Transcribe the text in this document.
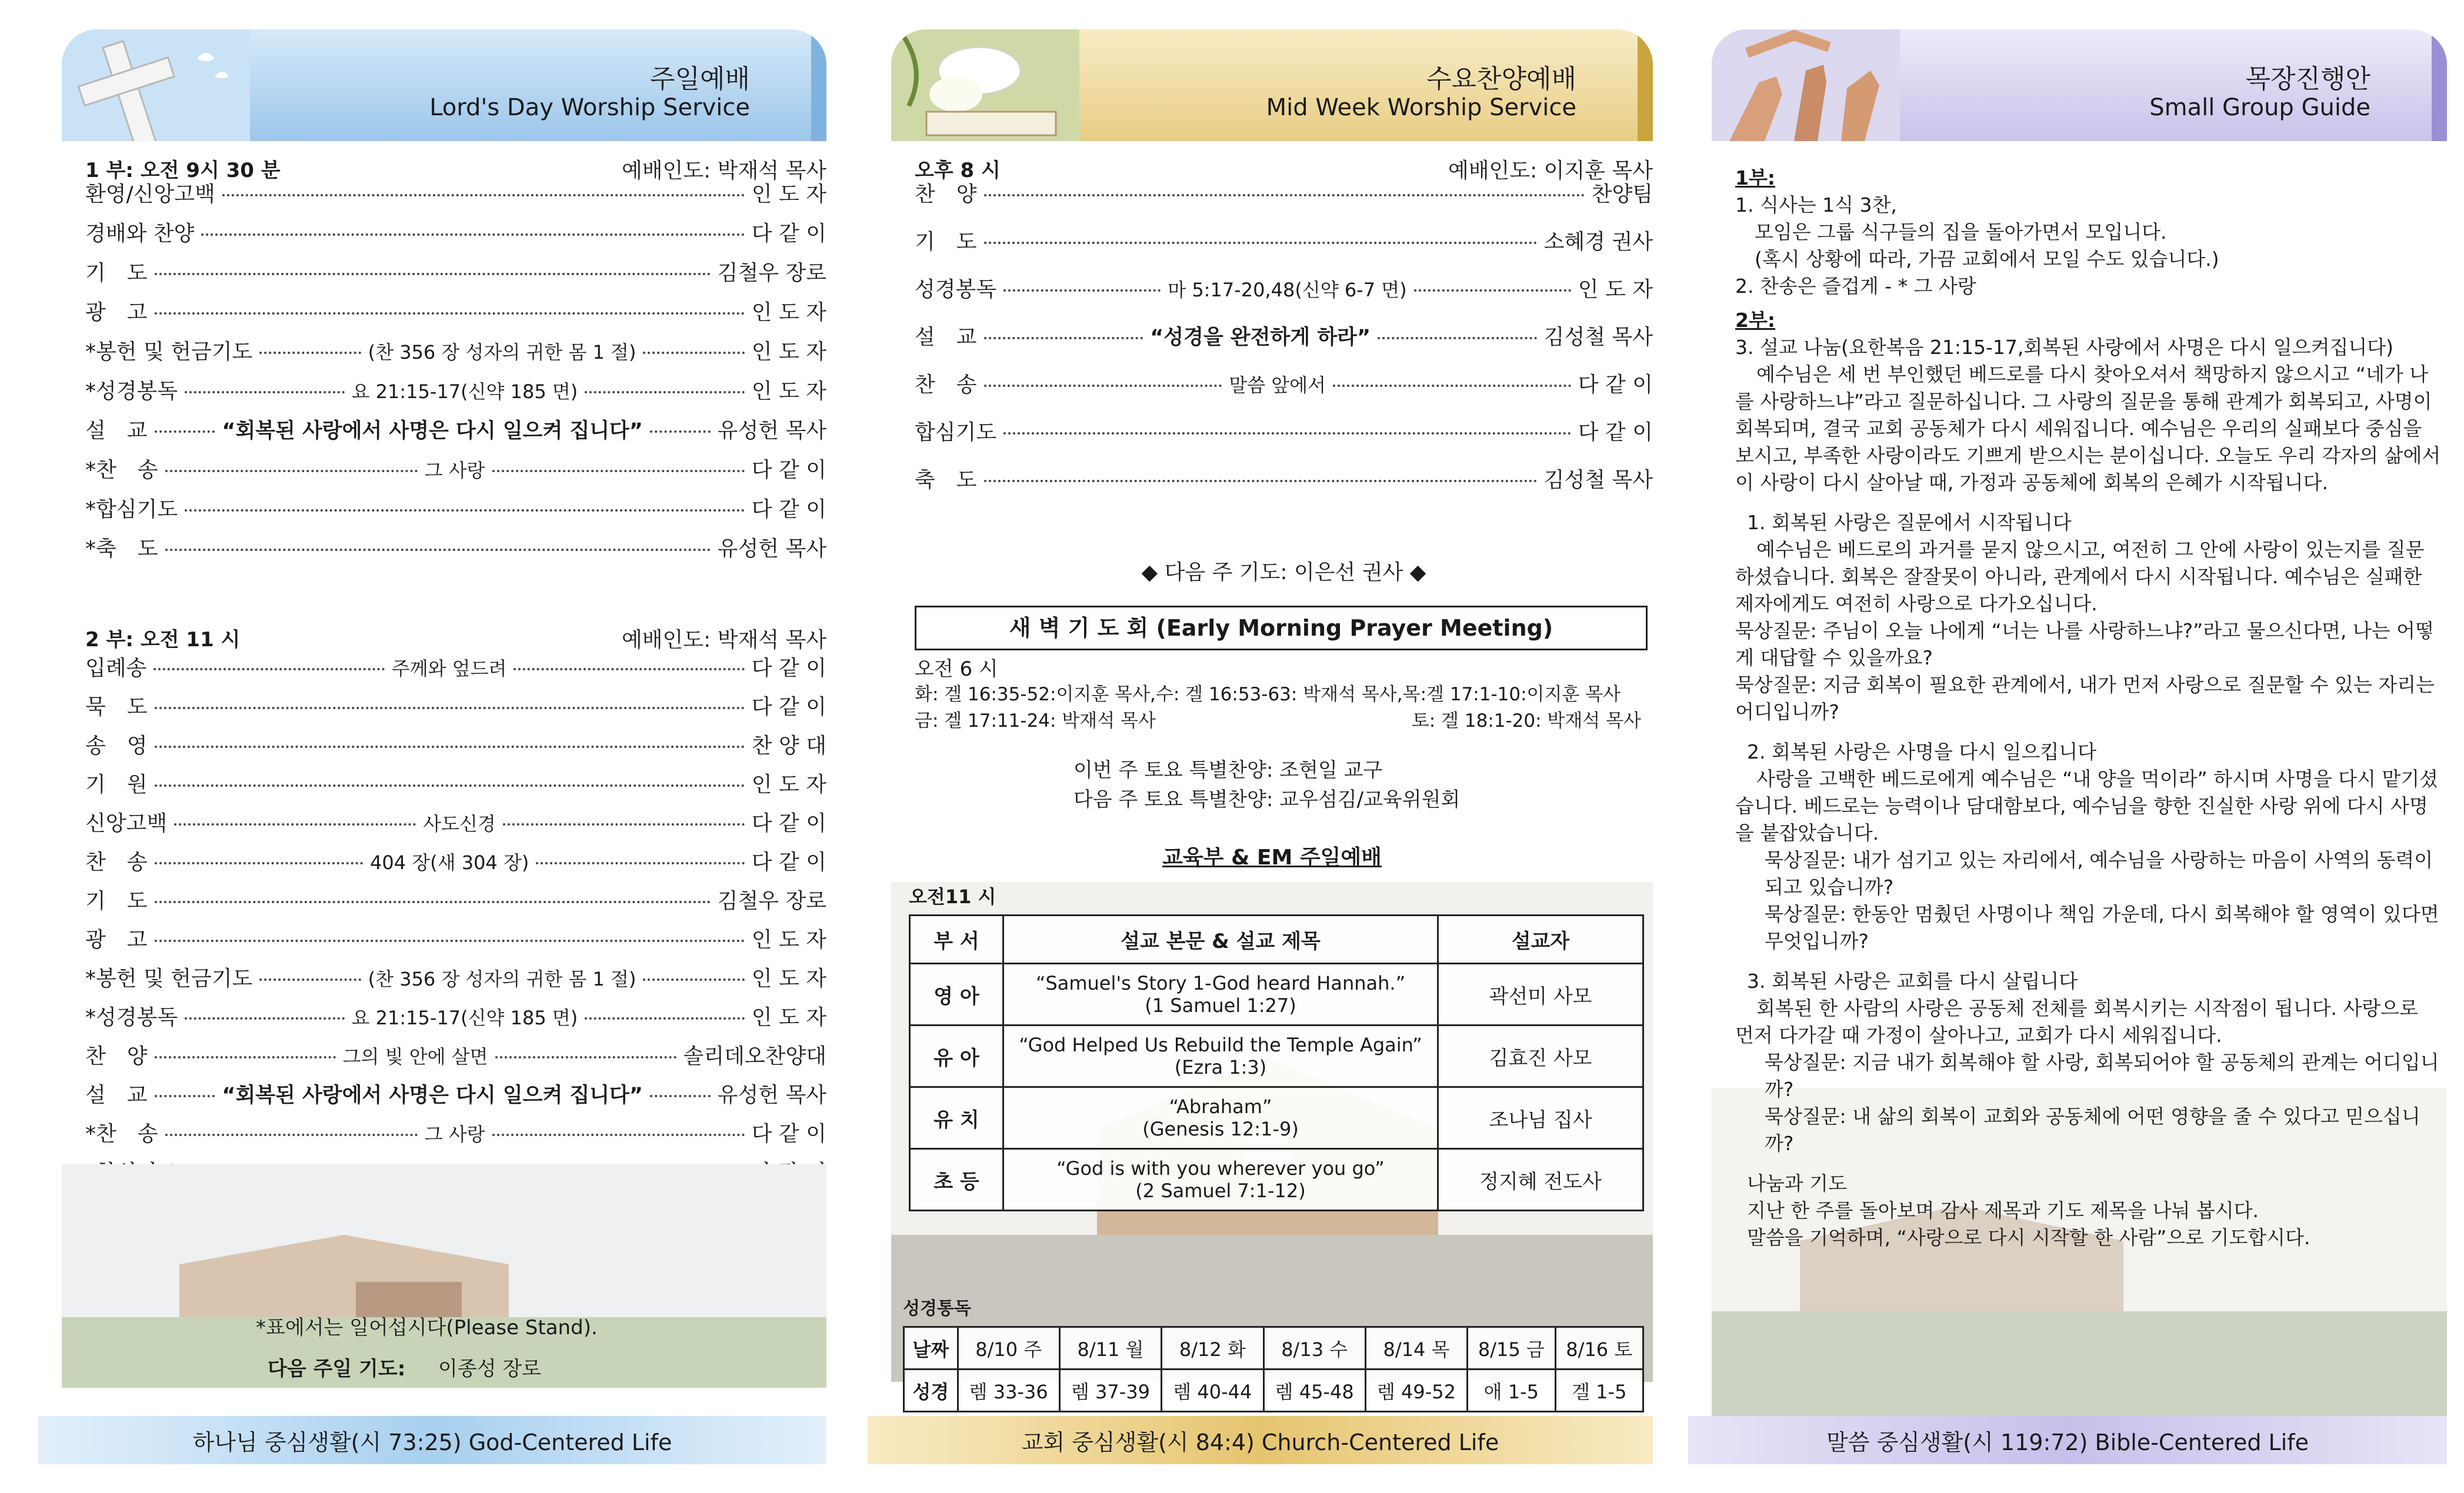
주일예배
Lord's Day Worship Service
1 부: 오전 9시 30 분	예배인도: 박재석 목사
환영/신앙고백	인 도 자
경배와 찬양	다 같 이
기　도	김철우 장로
광　고	인 도 자
*봉헌 및 헌금기도	(찬 356 장 성자의 귀한 몸 1 절)	인 도 자
*성경봉독	요 21:15-17(신약 185 면)	인 도 자
설　교	“회복된 사랑에서 사명은 다시 일으켜 집니다”	유성헌 목사
*찬　송	그 사랑	다 같 이
*합심기도	다 같 이
*축　도	유성헌 목사
2 부: 오전 11 시	예배인도: 박재석 목사
입례송	주께와 엎드려	다 같 이
묵　도	다 같 이
송　영	찬 양 대
기　원	인 도 자
신앙고백	사도신경	다 같 이
찬　송	404 장(새 304 장)	다 같 이
기　도	김철우 장로
광　고	인 도 자
*봉헌 및 헌금기도	(찬 356 장 성자의 귀한 몸 1 절)	인 도 자
*성경봉독	요 21:15-17(신약 185 면)	인 도 자
찬　양	그의 빛 안에 살면	솔리데오찬양대
설　교	“회복된 사랑에서 사명은 다시 일으켜 집니다”	유성헌 목사
*찬　송	그 사랑	다 같 이
*표에서는 일어섭시다(Please Stand).
다음 주일 기도: 이종성 장로
하나님 중심생활(시 73:25) God-Centered Life
수요찬양예배
Mid Week Worship Service
오후 8 시	예배인도: 이지훈 목사
찬　양	찬양팀
기　도	소혜경 권사
성경봉독	마 5:17-20,48(신약 6-7 면)	인 도 자
설　교	“성경을 완전하게 하라”	김성철 목사
찬　송	말씀 앞에서	다 같 이
합심기도	다 같 이
축　도	김성철 목사
◆ 다음 주 기도: 이은선 권사 ◆
새 벽 기 도 회 (Early Morning Prayer Meeting)
오전 6 시
화: 겔 16:35-52:이지훈 목사,수: 겔 16:53-63: 박재석 목사,목:겔 17:1-10:이지훈 목사
금: 겔 17:11-24: 박재석 목사	토: 겔 18:1-20: 박재석 목사
이번 주 토요 특별찬양: 조현일 교구
다음 주 토요 특별찬양: 교우섬김/교육위원회
교육부 & EM 주일예배
오전11 시
부 서	설교 본문 & 설교 제목	설교자
영 아	“Samuel's Story 1-God heard Hannah.”
(1 Samuel 1:27)	곽선미 사모
유 아	“God Helped Us Rebuild the Temple Again”
(Ezra 1:3)	김효진 사모
유 치	“Abraham”
(Genesis 12:1-9)	조나님 집사
초 등	“God is with you wherever you go”
(2 Samuel 7:1-12)	정지혜 전도사
성경통독
날짜	8/10 주	8/11 월	8/12 화	8/13 수	8/14 목	8/15 금	8/16 토
성경	렘 33-36	렘 37-39	렘 40-44	렘 45-48	렘 49-52	애 1-5	겔 1-5
교회 중심생활(시 84:4) Church-Centered Life
목장진행안
Small Group Guide

1부:

1. 식사는 1식 3찬,

　모임은 그룹 식구들의 집을 돌아가면서 모입니다.

　(혹시 상황에 따라, 가끔 교회에서 모일 수도 있습니다.)

2. 찬송은 즐겁게 - * 그 사랑

2부:

3. 설교 나눔(요한복음 21:15-17,회복된 사랑에서 사명은 다시 일으켜집니다)

예수님은 세 번 부인했던 베드로를 다시 찾아오셔서 책망하지 않으시고 “네가 나를 사랑하느냐”라고 질문하십니다. 그 사랑의 질문을 통해 관계가 회복되고, 사명이 회복되며, 결국 교회 공동체가 다시 세워집니다. 예수님은 우리의 실패보다 중심을 보시고, 부족한 사랑이라도 기쁘게 받으시는 분이십니다. 오늘도 우리 각자의 삶에서 이 사랑이 다시 살아날 때, 가정과 공동체에 회복의 은혜가 시작됩니다.

1. 회복된 사랑은 질문에서 시작됩니다

예수님은 베드로의 과거를 묻지 않으시고, 여전히 그 안에 사랑이 있는지를 질문하셨습니다. 회복은 잘잘못이 아니라, 관계에서 다시 시작됩니다. 예수님은 실패한 제자에게도 여전히 사랑으로 다가오십니다.

묵상질문: 주님이 오늘 나에게 “너는 나를 사랑하느냐?”라고 물으신다면, 나는 어떻게 대답할 수 있을까요?

묵상질문: 지금 회복이 필요한 관계에서, 내가 먼저 사랑으로 질문할 수 있는 자리는 어디입니까?

2. 회복된 사랑은 사명을 다시 일으킵니다

사랑을 고백한 베드로에게 예수님은 “내 양을 먹이라” 하시며 사명을 다시 맡기셨습니다. 베드로는 능력이나 담대함보다, 예수님을 향한 진실한 사랑 위에 다시 사명을 붙잡았습니다.

묵상질문: 내가 섬기고 있는 자리에서, 예수님을 사랑하는 마음이 사역의 동력이 되고 있습니까?

묵상질문: 한동안 멈췄던 사명이나 책임 가운데, 다시 회복해야 할 영역이 있다면 무엇입니까?

3. 회복된 사랑은 교회를 다시 살립니다

회복된 한 사람의 사랑은 공동체 전체를 회복시키는 시작점이 됩니다. 사랑으로 먼저 다가갈 때 가정이 살아나고, 교회가 다시 세워집니다.

묵상질문: 지금 내가 회복해야 할 사랑, 회복되어야 할 공동체의 관계는 어디입니까?

묵상질문: 내 삶의 회복이 교회와 공동체에 어떤 영향을 줄 수 있다고 믿으십니까?

나눔과 기도

지난 한 주를 돌아보며 감사 제목과 기도 제목을 나눠 봅시다.

말씀을 기억하며, “사랑으로 다시 시작할 한 사람”으로 기도합시다.

말씀 중심생활(시 119:72) Bible-Centered Life
